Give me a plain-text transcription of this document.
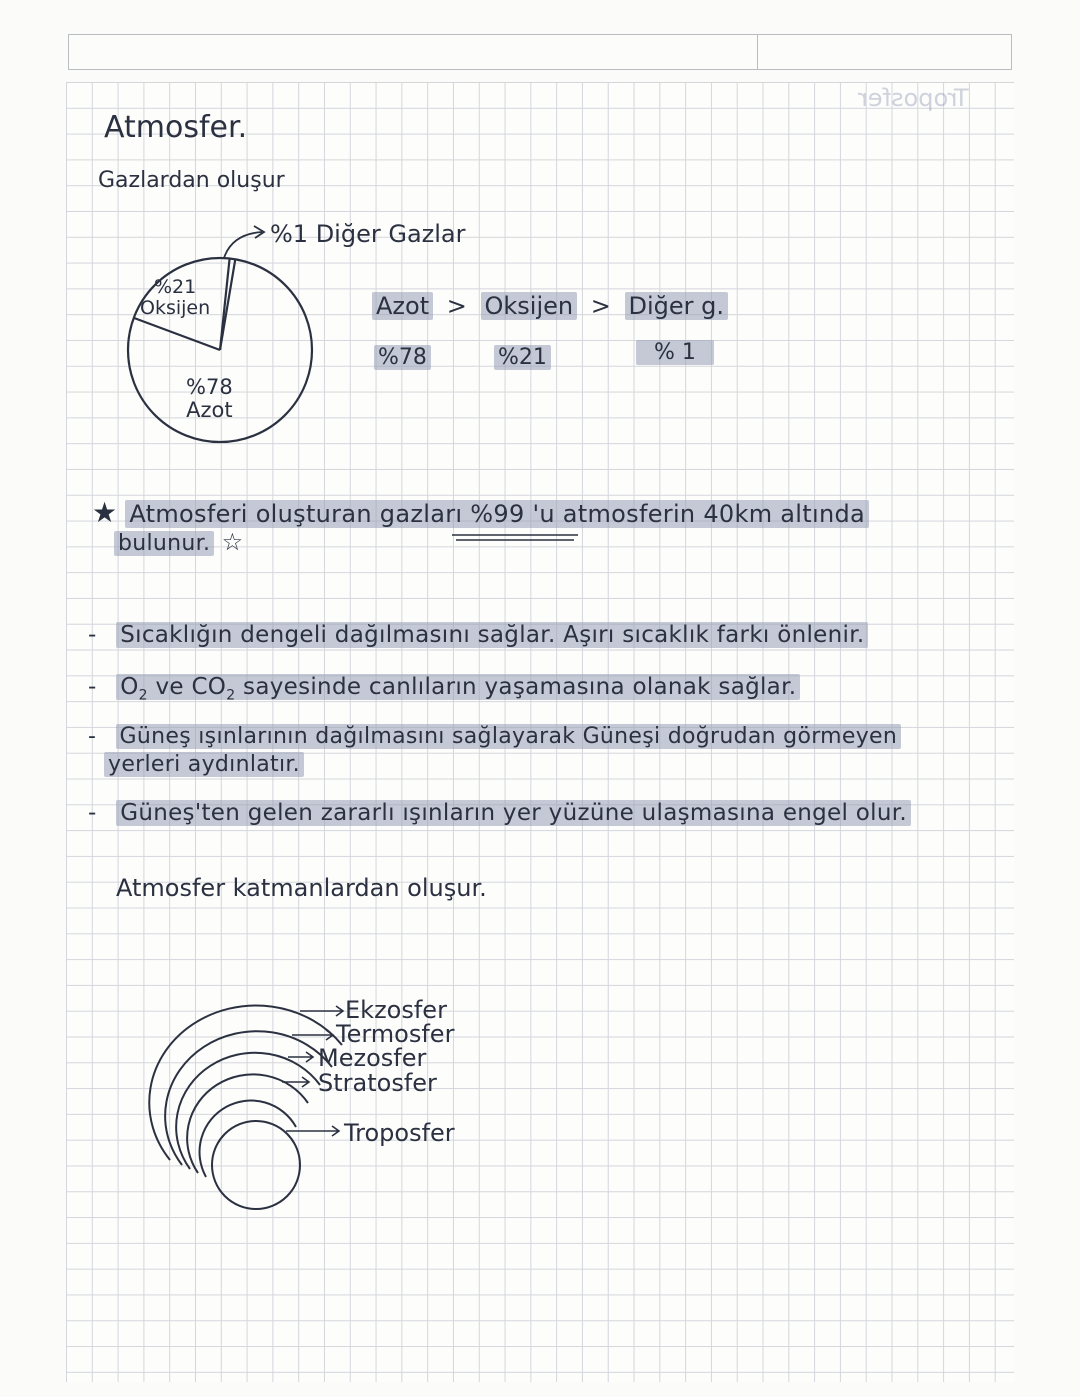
Troposfer
Atmosfer.
Gazlardan oluşur
%21
Oksijen
%78
Azot
%1 Diğer Gazlar
Azot > Oksijen > Diğer g.
%78	%21	% 1
★ Atmosferi oluşturan gazları %99 'u atmosferin 40km altında
bulunur. ☆
- Sıcaklığın dengeli dağılmasını sağlar. Aşırı sıcaklık farkı önlenir.
- $O_2$ ve $CO_2$ sayesinde canlıların yaşamasına olanak sağlar.
- Güneş ışınlarının dağılmasını sağlayarak Güneşi doğrudan görmeyen
yerleri aydınlatır.
- Güneş'ten gelen zararlı ışınların yer yüzüne ulaşmasına engel olur.
Atmosfer katmanlardan oluşur.
Ekzosfer
Termosfer
Mezosfer
Stratosfer
Troposfer
